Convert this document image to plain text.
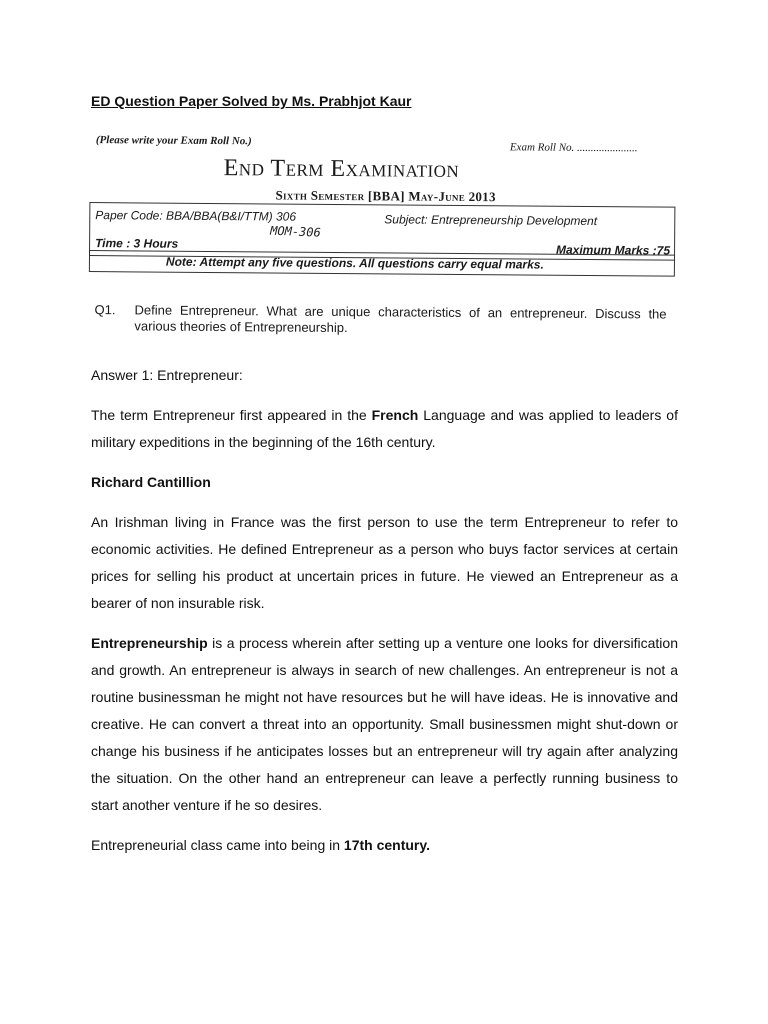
ED Question Paper Solved by Ms. Prabhjot Kaur
(Please write your Exam Roll No.)
Exam Roll No. ......................
End Term Examination
Sixth Semester [BBA] May-June 2013
Paper Code: BBA/BBA(B&I/TTM) 306	Subject: Entrepreneurship Development
MOM-306
Time : 3 Hours	Maximum Marks :75
Note: Attempt any five questions. All questions carry equal marks.
Q1. Define Entrepreneur. What are unique characteristics of an entrepreneur. Discuss the various theories of Entrepreneurship.

Answer 1: Entrepreneur:

The term Entrepreneur first appeared in the French Language and was applied to leaders of military expeditions in the beginning of the 16th century.

Richard Cantillion

An Irishman living in France was the first person to use the term Entrepreneur to refer to economic activities. He defined Entrepreneur as a person who buys factor services at certain prices for selling his product at uncertain prices in future. He viewed an Entrepreneur as a bearer of non insurable risk.

Entrepreneurship is a process wherein after setting up a venture one looks for diversification and growth. An entrepreneur is always in search of new challenges. An entrepreneur is not a routine businessman he might not have resources but he will have ideas. He is innovative and creative. He can convert a threat into an opportunity. Small businessmen might shut-down or change his business if he anticipates losses but an entrepreneur will try again after analyzing the situation. On the other hand an entrepreneur can leave a perfectly running business to start another venture if he so desires.

Entrepreneurial class came into being in 17th century.
